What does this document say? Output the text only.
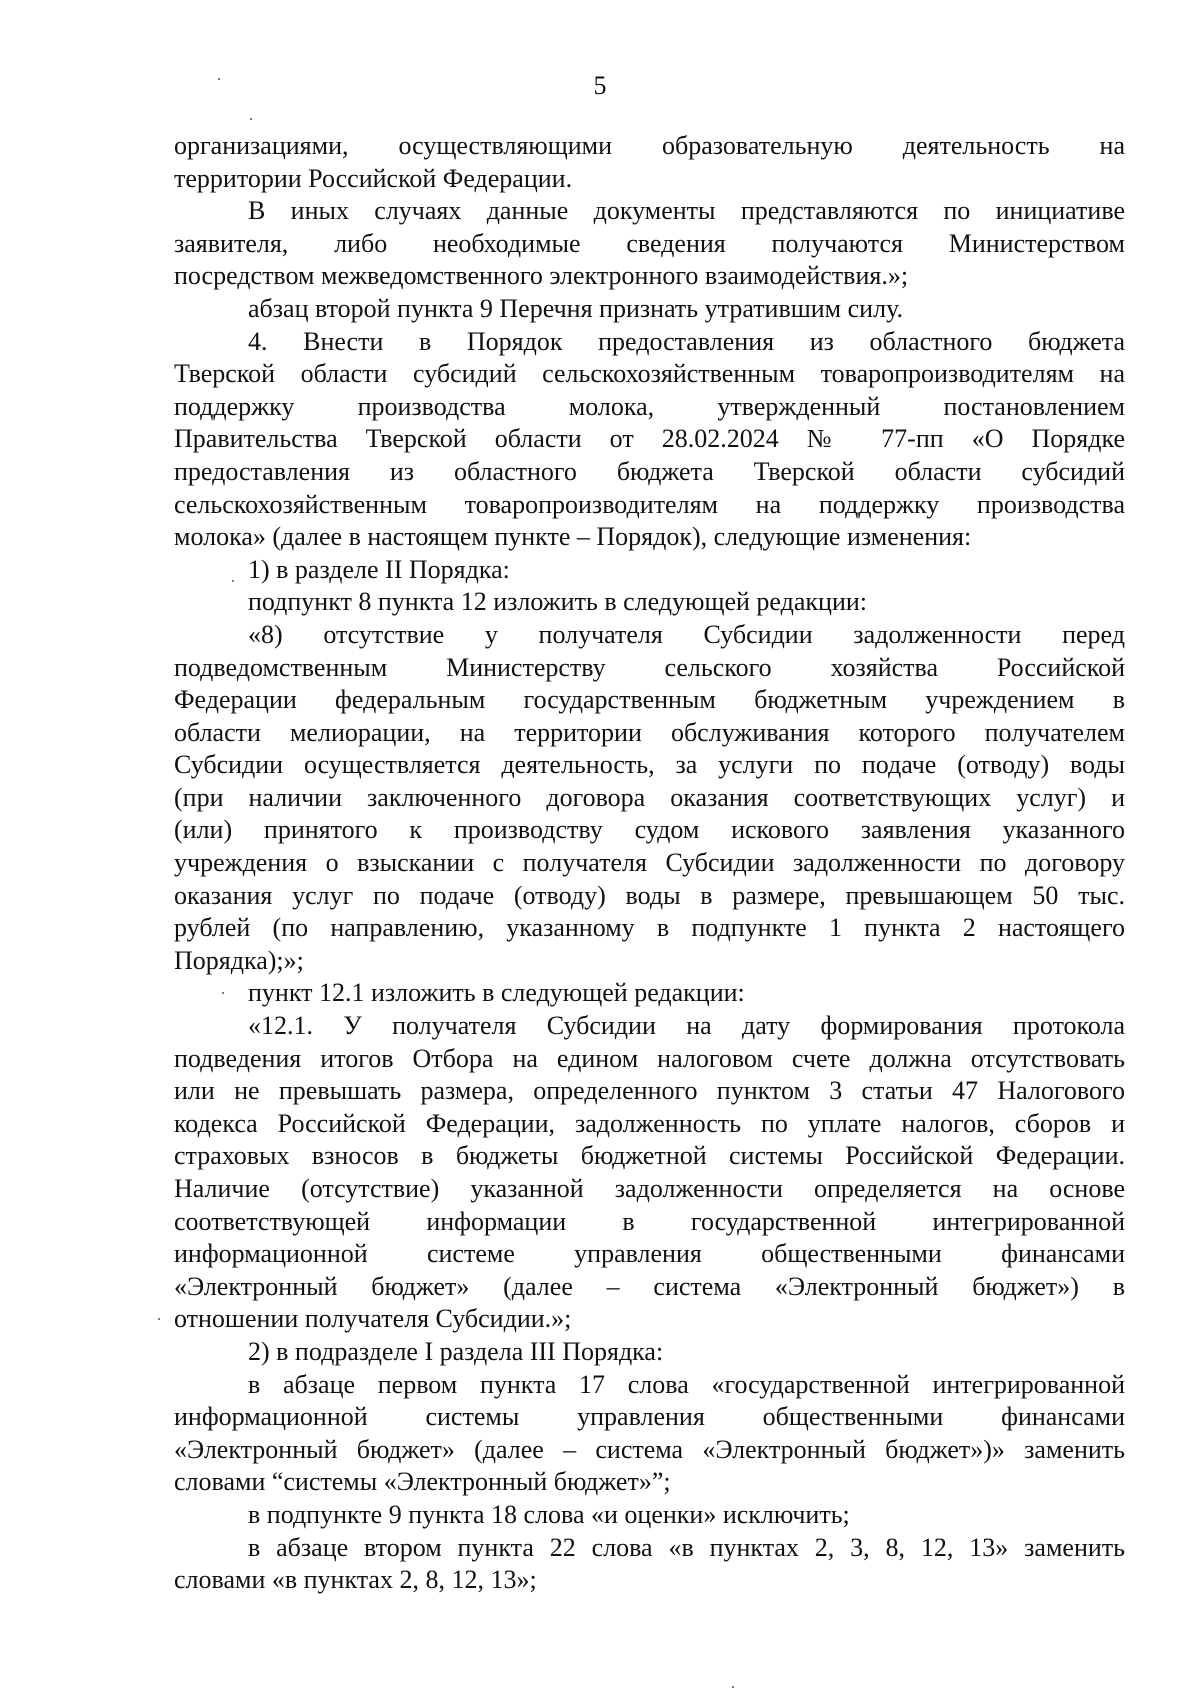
5
организациями, осуществляющими образовательную деятельность на
территории Российской Федерации.
В иных случаях данные документы представляются по инициативе
заявителя, либо необходимые сведения получаются Министерством
посредством межведомственного электронного взаимодействия.»;
абзац второй пункта 9 Перечня признать утратившим силу.
4. Внести в Порядок предоставления из областного бюджета
Тверской области субсидий сельскохозяйственным товаропроизводителям на
поддержку производства молока, утвержденный постановлением
Правительства Тверской области от 28.02.2024 № 77-пп «О Порядке
предоставления из областного бюджета Тверской области субсидий
сельскохозяйственным товаропроизводителям на поддержку производства
молока» (далее в настоящем пункте – Порядок), следующие изменения:
1) в разделе II Порядка:
подпункт 8 пункта 12 изложить в следующей редакции:
«8) отсутствие у получателя Субсидии задолженности перед
подведомственным Министерству сельского хозяйства Российской
Федерации федеральным государственным бюджетным учреждением в
области мелиорации, на территории обслуживания которого получателем
Субсидии осуществляется деятельность, за услуги по подаче (отводу) воды
(при наличии заключенного договора оказания соответствующих услуг) и
(или) принятого к производству судом искового заявления указанного
учреждения о взыскании с получателя Субсидии задолженности по договору
оказания услуг по подаче (отводу) воды в размере, превышающем 50 тыс.
рублей (по направлению, указанному в подпункте 1 пункта 2 настоящего
Порядка);»;
пункт 12.1 изложить в следующей редакции:
«12.1. У получателя Субсидии на дату формирования протокола
подведения итогов Отбора на едином налоговом счете должна отсутствовать
или не превышать размера, определенного пунктом 3 статьи 47 Налогового
кодекса Российской Федерации, задолженность по уплате налогов, сборов и
страховых взносов в бюджеты бюджетной системы Российской Федерации.
Наличие (отсутствие) указанной задолженности определяется на основе
соответствующей информации в государственной интегрированной
информационной системе управления общественными финансами
«Электронный бюджет» (далее – система «Электронный бюджет») в
отношении получателя Субсидии.»;
2) в подразделе I раздела III Порядка:
в абзаце первом пункта 17 слова «государственной интегрированной
информационной системы управления общественными финансами
«Электронный бюджет» (далее – система «Электронный бюджет»)» заменить
словами “системы «Электронный бюджет»”;
в подпункте 9 пункта 18 слова «и оценки» исключить;
в абзаце втором пункта 22 слова «в пунктах 2, 3, 8, 12, 13» заменить
словами «в пунктах 2, 8, 12, 13»;
